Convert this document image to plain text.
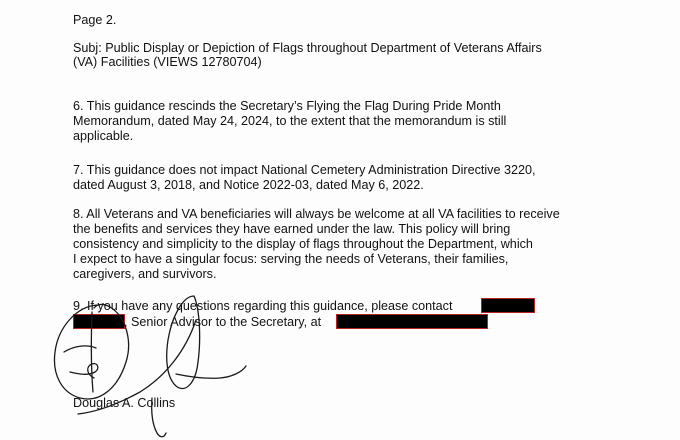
Page 2.
Subj: Public Display or Depiction of Flags throughout Department of Veterans Affairs
(VA) Facilities (VIEWS 12780704)
6. This guidance rescinds the Secretary’s Flying the Flag During Pride Month
Memorandum, dated May 24, 2024, to the extent that the memorandum is still
applicable.
7. This guidance does not impact National Cemetery Administration Directive 3220,
dated August 3, 2018, and Notice 2022-03, dated May 6, 2022.
8. All Veterans and VA beneficiaries will always be welcome at all VA facilities to receive
the benefits and services they have earned under the law. This policy will bring
consistency and simplicity to the display of flags throughout the Department, which
I expect to have a singular focus: serving the needs of Veterans, their families,
caregivers, and survivors.
9. If you have any questions regarding this guidance, please contact
, Senior Advisor to the Secretary, at
Douglas A. Collins
